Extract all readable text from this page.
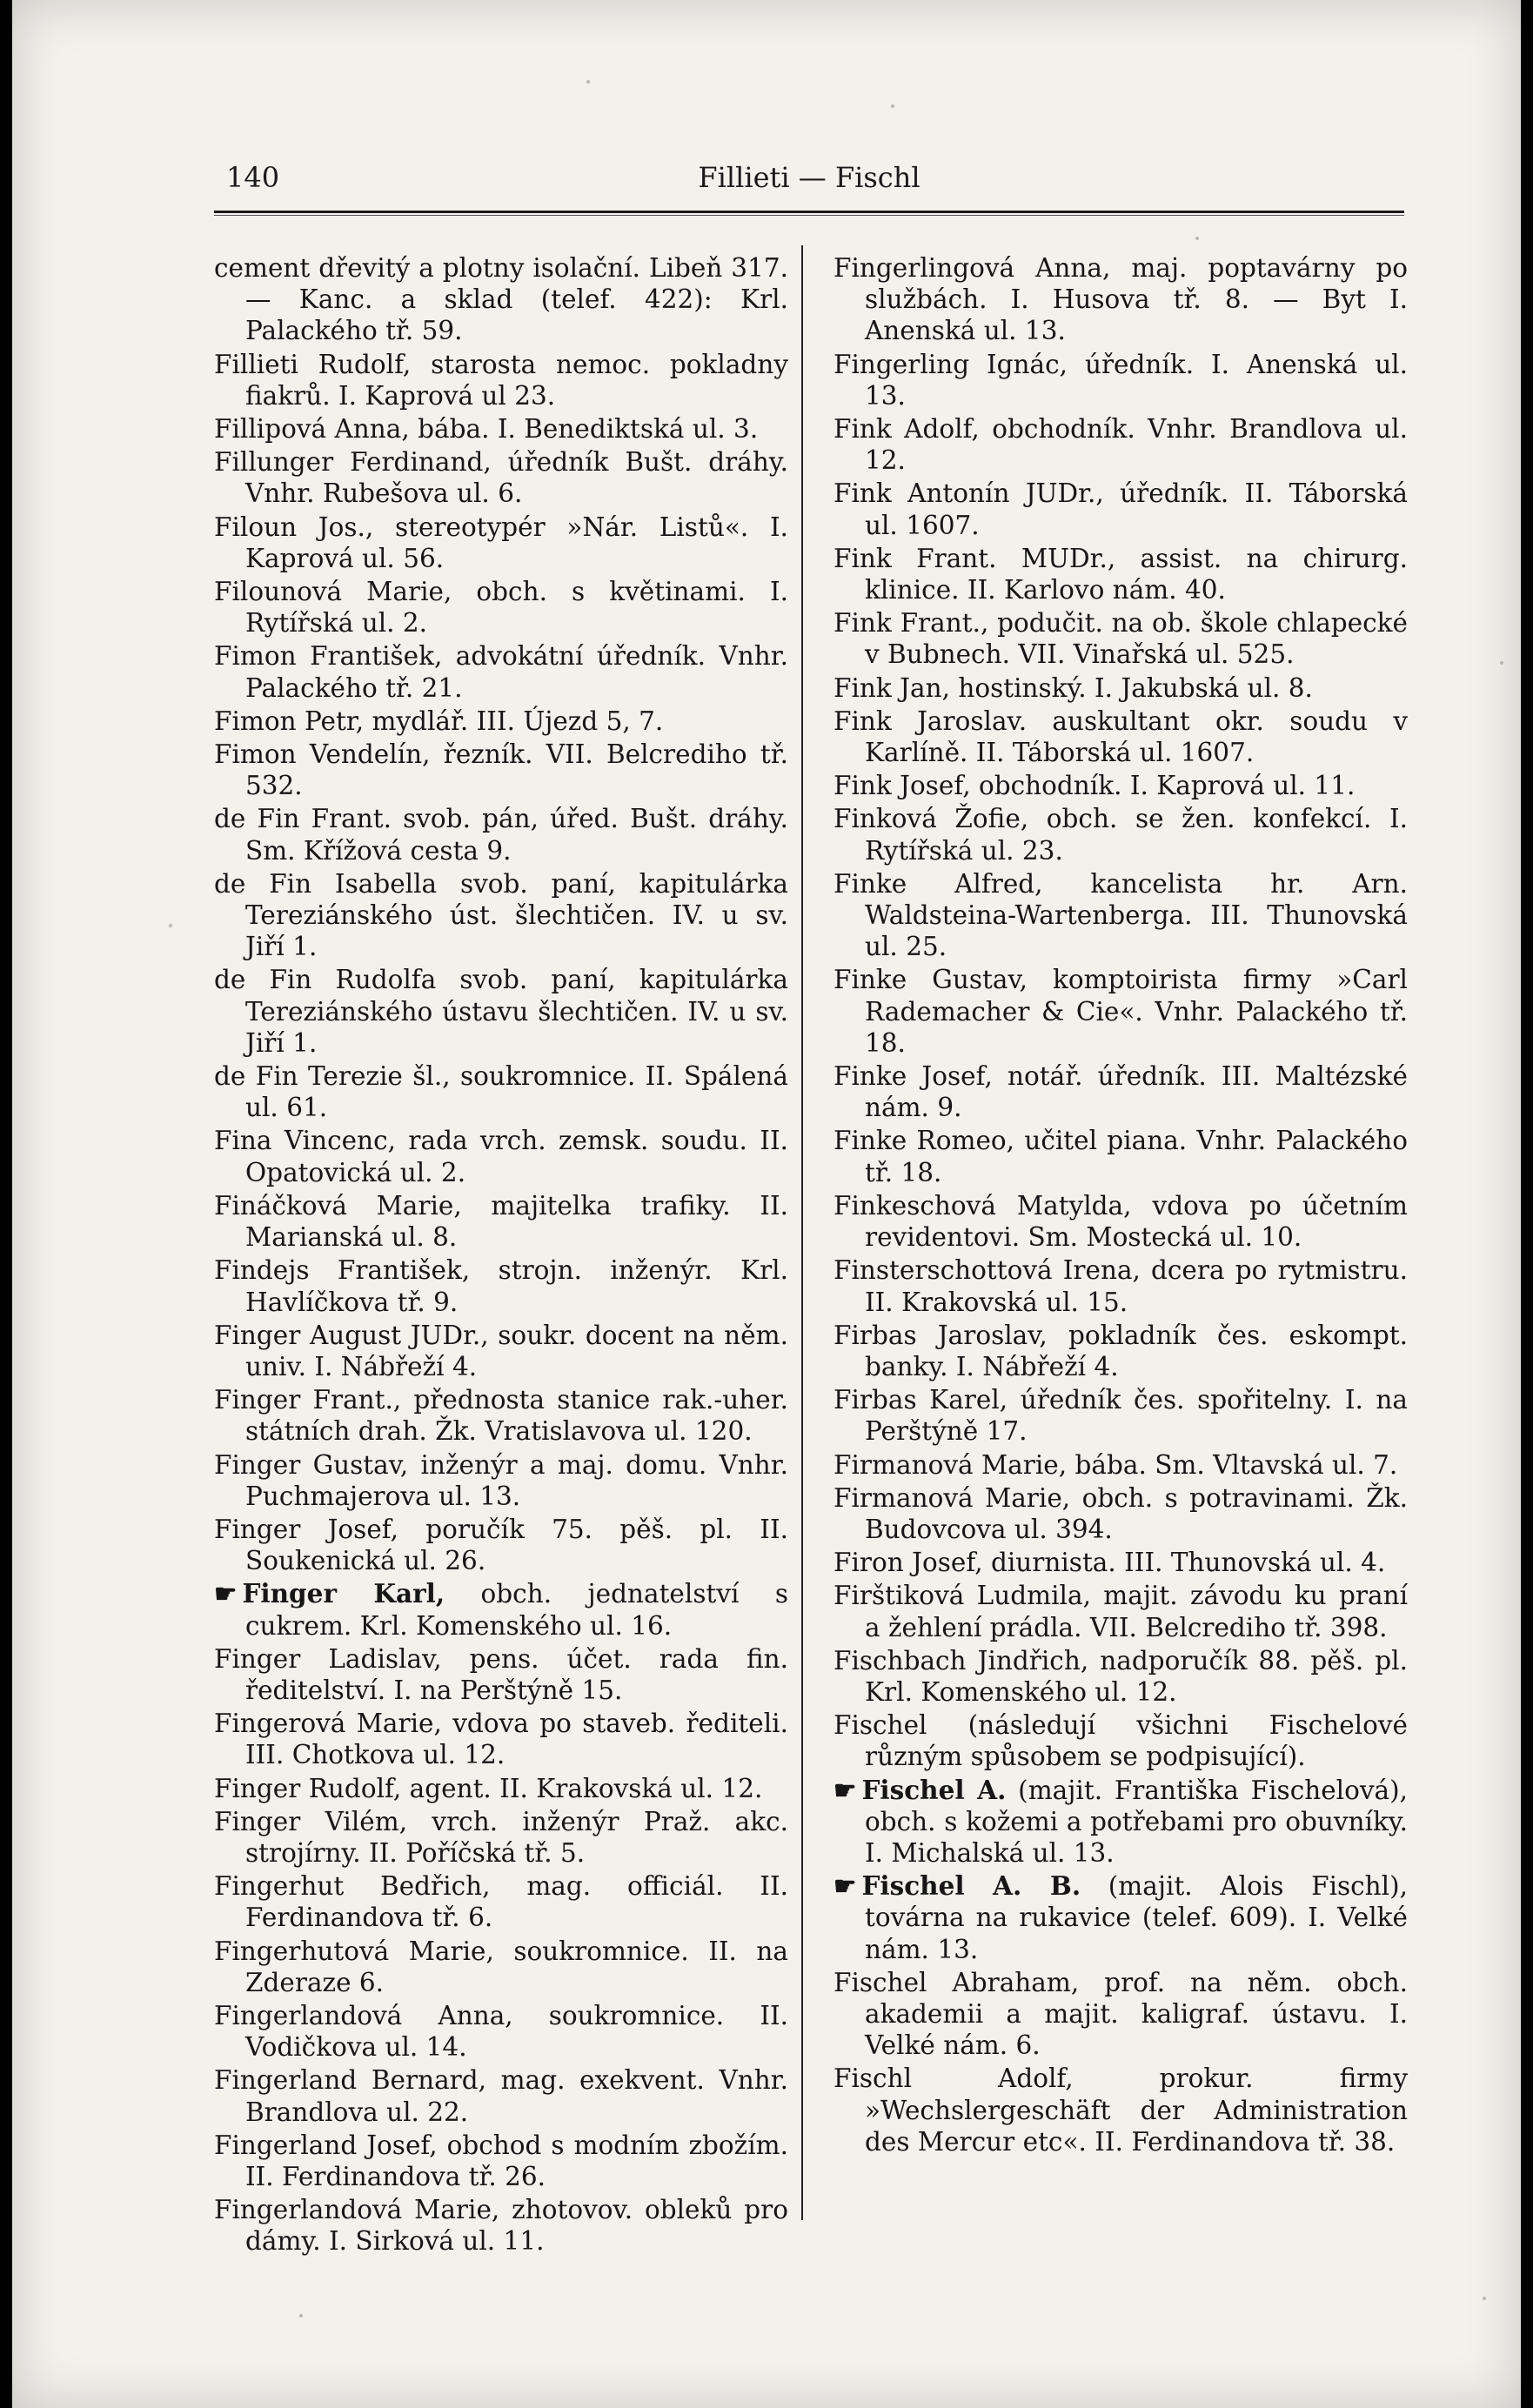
140	Fillieti — Fischl
cement dřevitý a plotny isolační. Libeň 317. — Kanc. a sklad (telef. 422): Krl. Palackého tř. 59.
Fillieti Rudolf, starosta nemoc. pokladny fiakrů. I. Kaprová ul 23.
Fillipová Anna, bába. I. Benediktská ul. 3.
Fillunger Ferdinand, úředník Bušt. dráhy. Vnhr. Rubešova ul. 6.
Filoun Jos., stereotypér »Nár. Listů«. I. Kaprová ul. 56.
Filounová Marie, obch. s květinami. I. Rytířská ul. 2.
Fimon František, advokátní úředník. Vnhr. Palackého tř. 21.
Fimon Petr, mydlář. III. Újezd 5, 7.
Fimon Vendelín, řezník. VII. Belcrediho tř. 532.
de Fin Frant. svob. pán, úřed. Bušt. dráhy. Sm. Křížová cesta 9.
de Fin Isabella svob. paní, kapitulárka Tereziánského úst. šlechtičen. IV. u sv. Jiří 1.
de Fin Rudolfa svob. paní, kapitulárka Tereziánského ústavu šlechtičen. IV. u sv. Jiří 1.
de Fin Terezie šl., soukromnice. II. Spálená ul. 61.
Fina Vincenc, rada vrch. zemsk. soudu. II. Opatovická ul. 2.
Fináčková Marie, majitelka trafiky. II. Marianská ul. 8.
Findejs František, strojn. inženýr. Krl. Havlíčkova tř. 9.
Finger August JUDr., soukr. docent na něm. univ. I. Nábřeží 4.
Finger Frant., přednosta stanice rak.-uher. státních drah. Žk. Vratislavova ul. 120.
Finger Gustav, inženýr a maj. domu. Vnhr. Puchmajerova ul. 13.
Finger Josef, poručík 75. pěš. pl. II. Soukenická ul. 26.
☛ Finger Karl, obch. jednatelství s cukrem. Krl. Komenského ul. 16.
Finger Ladislav, pens. účet. rada fin. ředitelství. I. na Perštýně 15.
Fingerová Marie, vdova po staveb. řediteli. III. Chotkova ul. 12.
Finger Rudolf, agent. II. Krakovská ul. 12.
Finger Vilém, vrch. inženýr Praž. akc. strojírny. II. Poříčská tř. 5.
Fingerhut Bedřich, mag. officiál. II. Ferdinandova tř. 6.
Fingerhutová Marie, soukromnice. II. na Zderaze 6.
Fingerlandová Anna, soukromnice. II. Vodičkova ul. 14.
Fingerland Bernard, mag. exekvent. Vnhr. Brandlova ul. 22.
Fingerland Josef, obchod s modním zbožím. II. Ferdinandova tř. 26.
Fingerlandová Marie, zhotovov. obleků pro dámy. I. Sirková ul. 11.
Fingerlingová Anna, maj. poptavárny po službách. I. Husova tř. 8. — Byt I. Anenská ul. 13.
Fingerling Ignác, úředník. I. Anenská ul. 13.
Fink Adolf, obchodník. Vnhr. Brandlova ul. 12.
Fink Antonín JUDr., úředník. II. Táborská ul. 1607.
Fink Frant. MUDr., assist. na chirurg. klinice. II. Karlovo nám. 40.
Fink Frant., podučit. na ob. škole chlapecké v Bubnech. VII. Vinařská ul. 525.
Fink Jan, hostinský. I. Jakubská ul. 8.
Fink Jaroslav. auskultant okr. soudu v Karlíně. II. Táborská ul. 1607.
Fink Josef, obchodník. I. Kaprová ul. 11.
Finková Žofie, obch. se žen. konfekcí. I. Rytířská ul. 23.
Finke Alfred, kancelista hr. Arn. Waldsteina-Wartenberga. III. Thunovská ul. 25.
Finke Gustav, komptoirista firmy »Carl Rademacher & Cie«. Vnhr. Palackého tř. 18.
Finke Josef, notář. úředník. III. Maltézské nám. 9.
Finke Romeo, učitel piana. Vnhr. Palackého tř. 18.
Finkeschová Matylda, vdova po účetním revidentovi. Sm. Mostecká ul. 10.
Finsterschottová Irena, dcera po rytmistru. II. Krakovská ul. 15.
Firbas Jaroslav, pokladník čes. eskompt. banky. I. Nábřeží 4.
Firbas Karel, úředník čes. spořitelny. I. na Perštýně 17.
Firmanová Marie, bába. Sm. Vltavská ul. 7.
Firmanová Marie, obch. s potravinami. Žk. Budovcova ul. 394.
Firon Josef, diurnista. III. Thunovská ul. 4.
Firštiková Ludmila, majit. závodu ku praní a žehlení prádla. VII. Belcrediho tř. 398.
Fischbach Jindřich, nadporučík 88. pěš. pl. Krl. Komenského ul. 12.
Fischel (následují všichni Fischelové různým spůsobem se podpisující).
☛ Fischel A. (majit. Františka Fischelová), obch. s kožemi a potřebami pro obuvníky. I. Michalská ul. 13.
☛ Fischel A. B. (majit. Alois Fischl), továrna na rukavice (telef. 609). I. Velké nám. 13.
Fischel Abraham, prof. na něm. obch. akademii a majit. kaligraf. ústavu. I. Velké nám. 6.
Fischl Adolf, prokur. firmy »Wechslergeschäft der Administration des Mercur etc«. II. Ferdinandova tř. 38.
